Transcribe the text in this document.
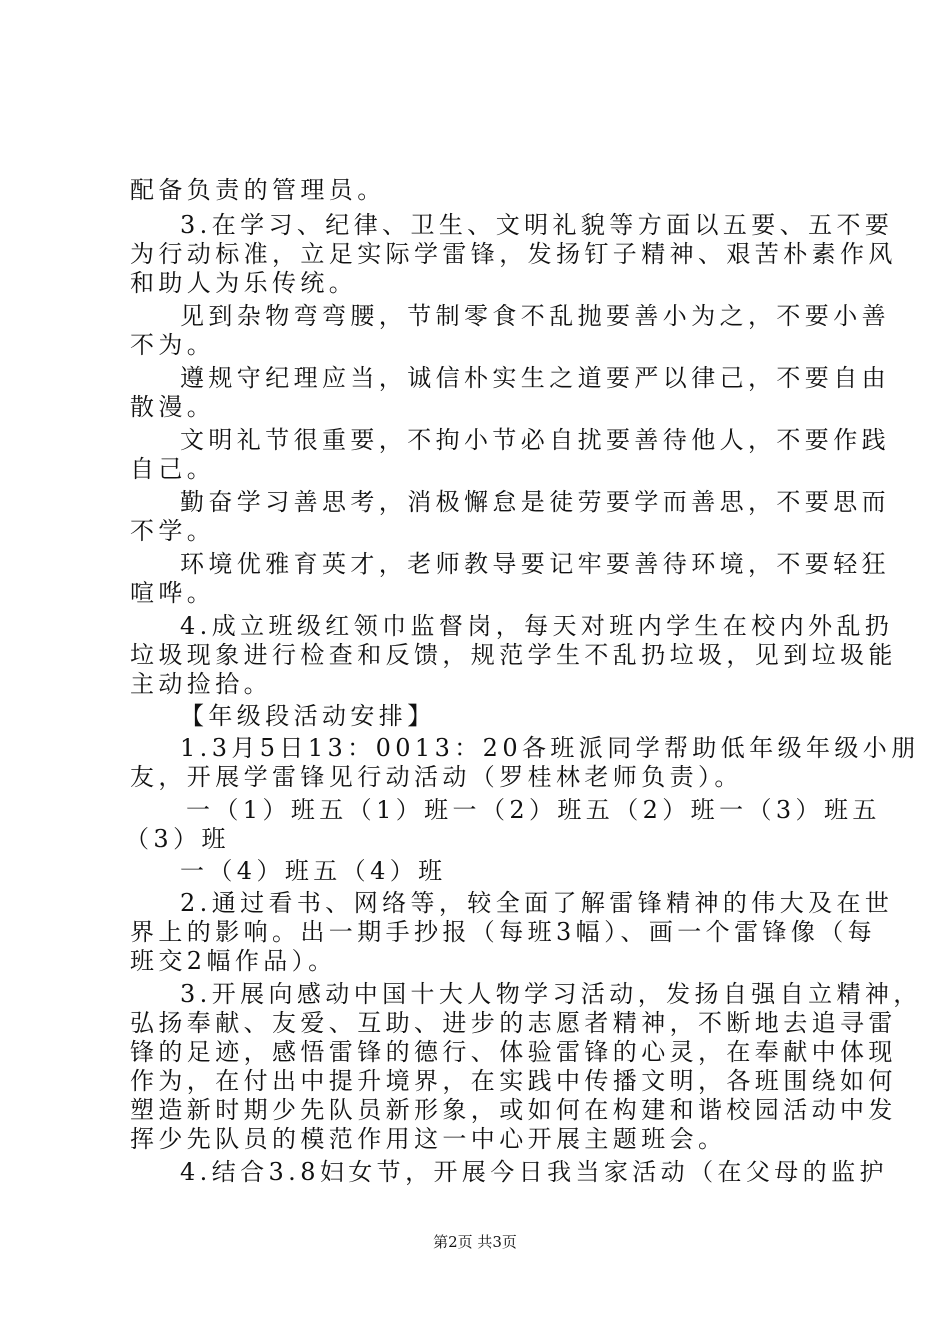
配备负责的管理员。
3.在学习、纪律、卫生、文明礼貌等方面以五要、五不要
为行动标准，立足实际学雷锋，发扬钉子精神、艰苦朴素作风
和助人为乐传统。
见到杂物弯弯腰，节制零食不乱抛要善小为之，不要小善
不为。
遵规守纪理应当，诚信朴实生之道要严以律己，不要自由
散漫。
文明礼节很重要，不拘小节必自扰要善待他人，不要作践
自己。
勤奋学习善思考，消极懈怠是徒劳要学而善思，不要思而
不学。
环境优雅育英才，老师教导要记牢要善待环境，不要轻狂
喧哗。
4.成立班级红领巾监督岗，每天对班内学生在校内外乱扔
垃圾现象进行检查和反馈，规范学生不乱扔垃圾，见到垃圾能
主动捡拾。
【年级段活动安排】
1.3月5日13：0013：20各班派同学帮助低年级年级小朋
友，开展学雷锋见行动活动（罗桂林老师负责）。
一（1）班五（1）班一（2）班五（2）班一（3）班五
（3）班
一（4）班五（4）班
2.通过看书、网络等，较全面了解雷锋精神的伟大及在世
界上的影响。出一期手抄报（每班3幅）、画一个雷锋像（每
班交2幅作品）。
3.开展向感动中国十大人物学习活动，发扬自强自立精神，
弘扬奉献、友爱、互助、进步的志愿者精神，不断地去追寻雷
锋的足迹，感悟雷锋的德行、体验雷锋的心灵，在奉献中体现
作为，在付出中提升境界，在实践中传播文明，各班围绕如何
塑造新时期少先队员新形象，或如何在构建和谐校园活动中发
挥少先队员的模范作用这一中心开展主题班会。
4.结合3.8妇女节，开展今日我当家活动（在父母的监护
第2页 共3页
